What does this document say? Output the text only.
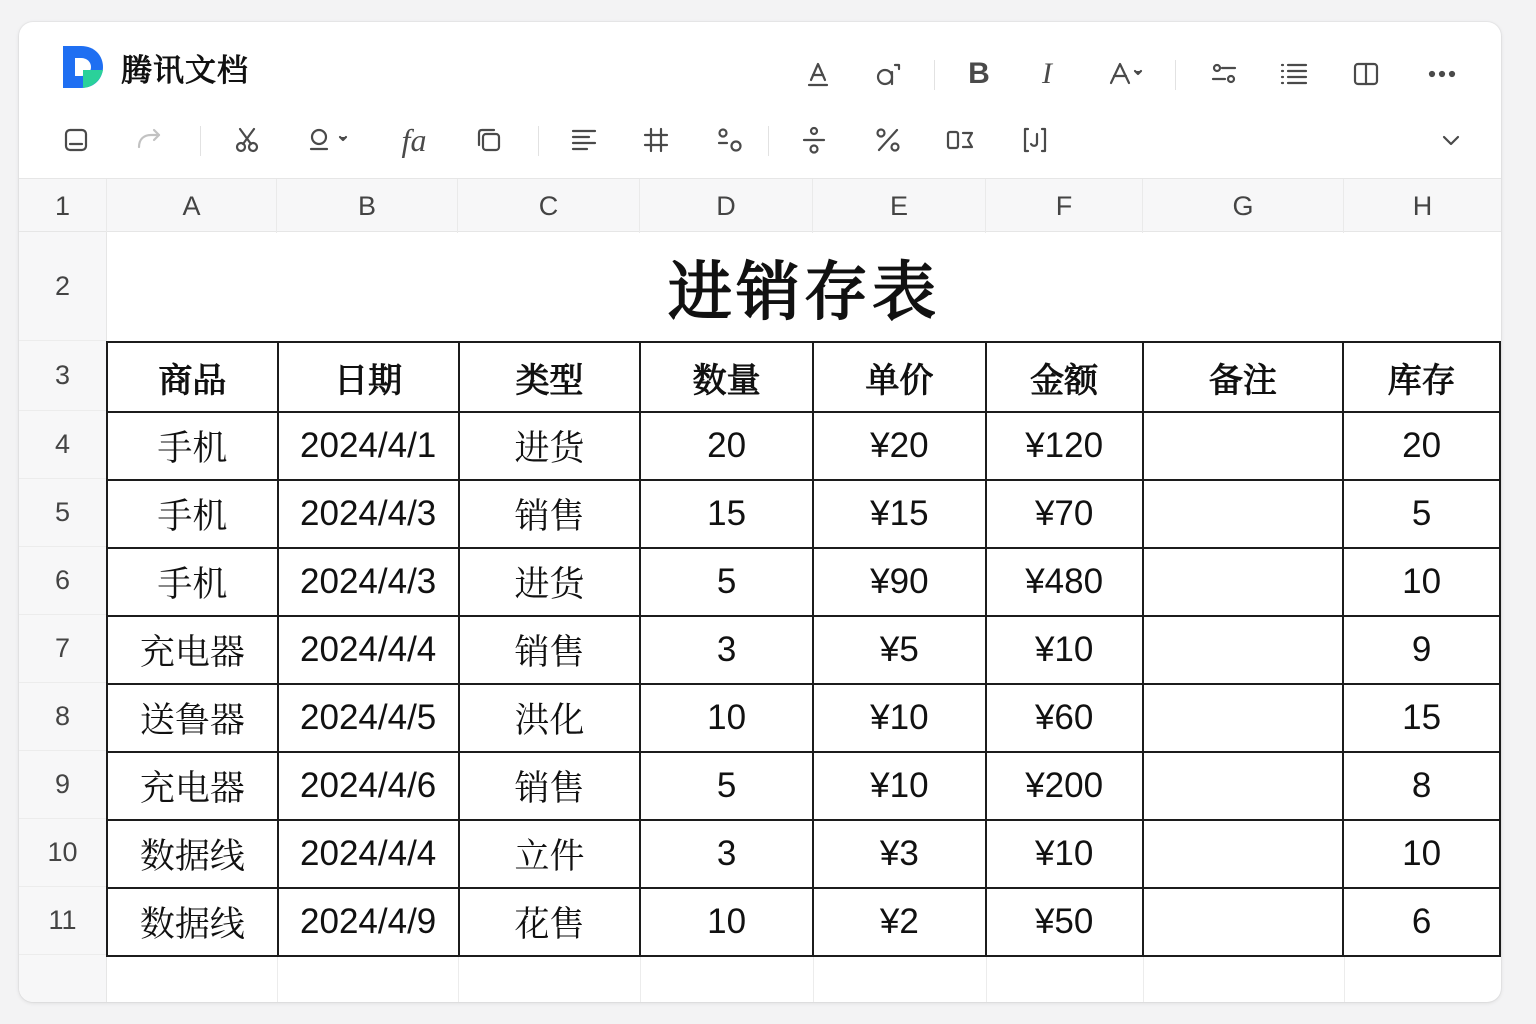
腾讯文档	B I
fa
1	A	B	C	D	E	F	G	H
2
3
4
5
6
7
8
9
10
11
进销存表
商品	日期	类型	数量	单价	金额	备注	库存
手机	2024/4/1	进货	20	¥20	¥120		20
手机	2024/4/3	销售	15	¥15	¥70		5
手机	2024/4/3	进货	5	¥90	¥480		10
充电器	2024/4/4	销售	3	¥5	¥10		9
送鲁器	2024/4/5	洪化	10	¥10	¥60		15
充电器	2024/4/6	销售	5	¥10	¥200		8
数据线	2024/4/4	立件	3	¥3	¥10		10
数据线	2024/4/9	花售	10	¥2	¥50		6
